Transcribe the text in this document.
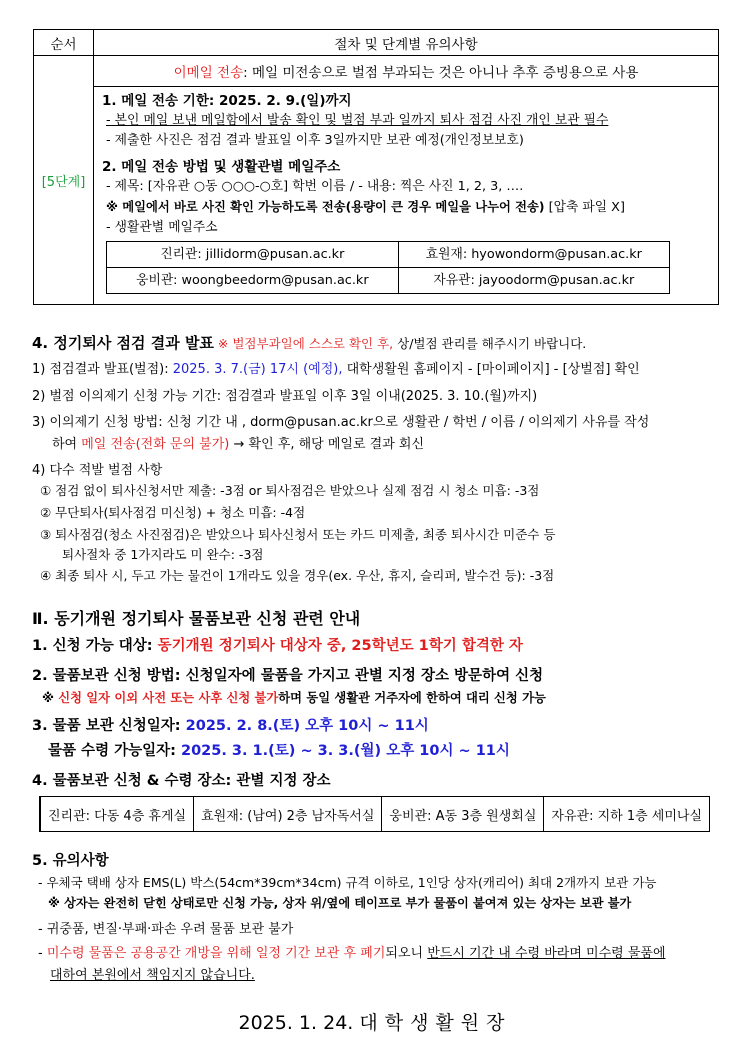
순서	절차 및 단계별 유의사항
[5단계]	이메일 전송: 메일 미전송으로 벌점 부과되는 것은 아니나 추후 증빙용으로 사용

1. 메일 전송 기한: 2025. 2. 9.(일)까지
- 본인 메일 보낸 메일함에서 발송 확인 및 벌점 부과 일까지 퇴사 점검 사진 개인 보관 필수
- 제출한 사진은 점검 결과 발표일 이후 3일까지만 보관 예정(개인정보보호)
2. 메일 전송 방법 및 생활관별 메일주소
- 제목: [자유관 ○동 ○○○-○호] 학번 이름 / - 내용: 찍은 사진 1, 2, 3, ….
※ 메일에서 바로 사진 확인 가능하도록 전송(용량이 큰 경우 메일을 나누어 전송) [압축 파일 X]
- 생활관별 메일주소
진리관: jillidorm@pusan.ac.kr	효원재: hyowondorm@pusan.ac.kr
웅비관: woongbeedorm@pusan.ac.kr	자유관: jayoodorm@pusan.ac.kr
4. 정기퇴사 점검 결과 발표 ※ 벌점부과일에 스스로 확인 후, 상/벌점 관리를 해주시기 바랍니다.
1) 점검결과 발표(벌점): 2025. 3. 7.(금) 17시 (예정), 대학생활원 홈페이지 - [마이페이지] - [상벌점] 확인
2) 벌점 이의제기 신청 가능 기간: 점검결과 발표일 이후 3일 이내(2025. 3. 10.(월)까지)
3) 이의제기 신청 방법: 신청 기간 내 , dorm@pusan.ac.kr으로 생활관 / 학번 / 이름 / 이의제기 사유를 작성
하여 메일 전송(전화 문의 불가) → 확인 후, 해당 메일로 결과 회신
4) 다수 적발 벌점 사항
① 점검 없이 퇴사신청서만 제출: -3점 or 퇴사점검은 받았으나 실제 점검 시 청소 미흡: -3점
② 무단퇴사(퇴사점검 미신청) + 청소 미흡: -4점
③ 퇴사점검(청소 사진점검)은 받았으나 퇴사신청서 또는 카드 미제출, 최종 퇴사시간 미준수 등
퇴사절차 중 1가지라도 미 완수: -3점
④ 최종 퇴사 시, 두고 가는 물건이 1개라도 있을 경우(ex. 우산, 휴지, 슬리퍼, 발수건 등): -3점
Ⅱ. 동기개원 정기퇴사 물품보관 신청 관련 안내
1. 신청 가능 대상: 동기개원 정기퇴사 대상자 중, 25학년도 1학기 합격한 자
2. 물품보관 신청 방법: 신청일자에 물품을 가지고 관별 지정 장소 방문하여 신청
※ 신청 일자 이외 사전 또는 사후 신청 불가하며 동일 생활관 거주자에 한하여 대리 신청 가능
3. 물품 보관 신청일자: 2025. 2. 8.(토) 오후 10시 ~ 11시
물품 수령 가능일자: 2025. 3. 1.(토) ~ 3. 3.(월) 오후 10시 ~ 11시
4. 물품보관 신청 & 수령 장소: 관별 지정 장소
진리관: 다동 4층 휴게실	효원재: (남여) 2층 남자독서실	웅비관: A동 3층 원생회실	자유관: 지하 1층 세미나실
5. 유의사항
- 우체국 택배 상자 EMS(L) 박스(54cm*39cm*34cm) 규격 이하로, 1인당 상자(캐리어) 최대 2개까지 보관 가능
※ 상자는 완전히 닫힌 상태로만 신청 가능, 상자 위/옆에 테이프로 부가 물품이 붙여져 있는 상자는 보관 불가
- 귀중품, 변질·부패·파손 우려 물품 보관 불가
- 미수령 물품은 공용공간 개방을 위해 일정 기간 보관 후 폐기되오니 반드시 기간 내 수령 바라며 미수령 물품에
대하여 본원에서 책임지지 않습니다.
2025. 1. 24. 대학생활원장
